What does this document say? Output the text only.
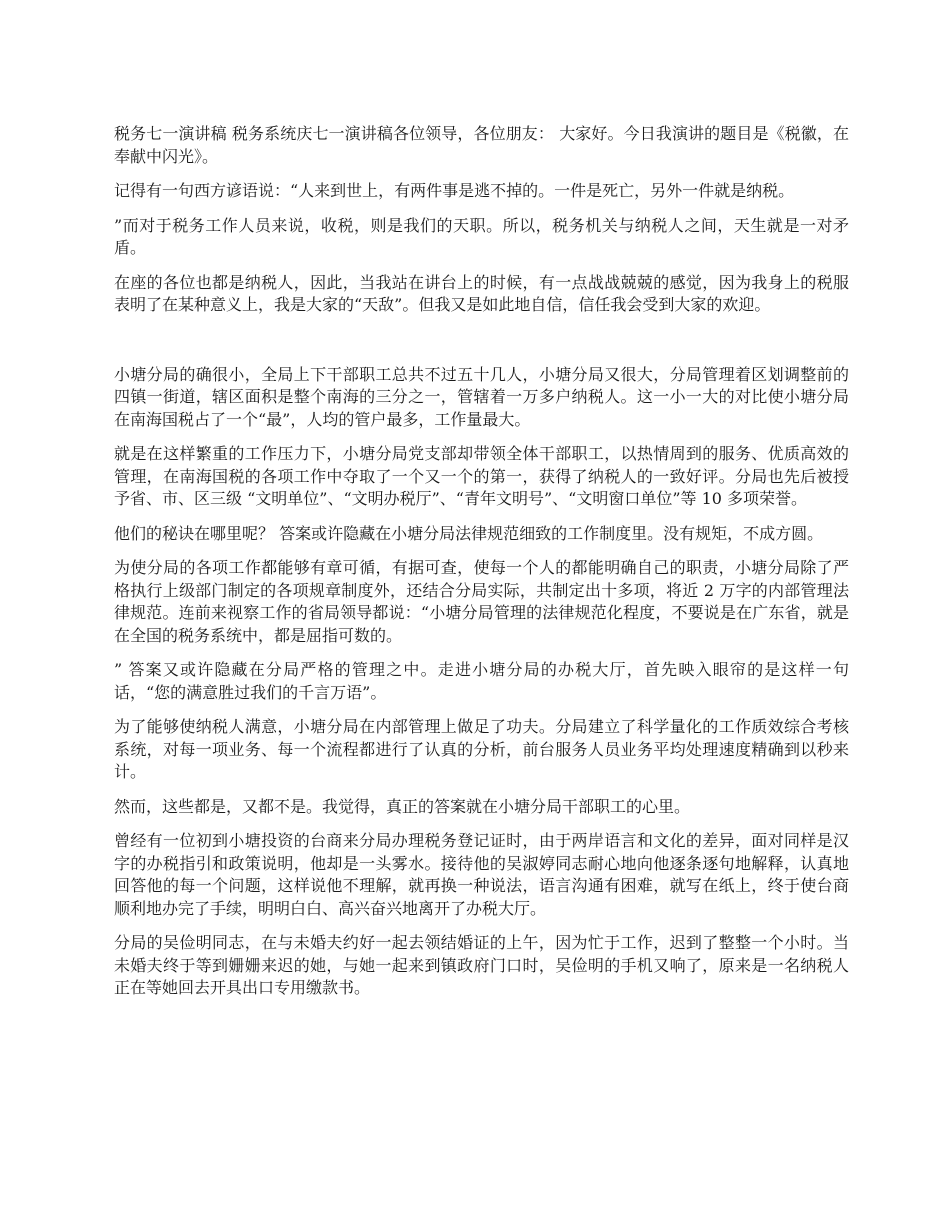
税务七一演讲稿 税务系统庆七一演讲稿各位领导，各位朋友： 大家好。今日我演讲的题目是《税徽，在奉献中闪光》。

记得有一句西方谚语说：“人来到世上，有两件事是逃不掉的。一件是死亡，另外一件就是纳税。

”而对于税务工作人员来说，收税，则是我们的天职。所以，税务机关与纳税人之间，天生就是一对矛盾。

在座的各位也都是纳税人，因此，当我站在讲台上的时候，有一点战战兢兢的感觉，因为我身上的税服表明了在某种意义上，我是大家的“天敌”。但我又是如此地自信，信任我会受到大家的欢迎。

小塘分局的确很小，全局上下干部职工总共不过五十几人，小塘分局又很大，分局管理着区划调整前的四镇一街道，辖区面积是整个南海的三分之一，管辖着一万多户纳税人。这一小一大的对比使小塘分局在南海国税占了一个“最”，人均的管户最多，工作量最大。

就是在这样繁重的工作压力下，小塘分局党支部却带领全体干部职工，以热情周到的服务、优质高效的管理，在南海国税的各项工作中夺取了一个又一个的第一，获得了纳税人的一致好评。分局也先后被授予省、市、区三级 “文明单位”、“文明办税厅”、“青年文明号”、“文明窗口单位”等 10 多项荣誉。

他们的秘诀在哪里呢？ 答案或许隐藏在小塘分局法律规范细致的工作制度里。没有规矩，不成方圆。

为使分局的各项工作都能够有章可循，有据可查，使每一个人的都能明确自己的职责，小塘分局除了严格执行上级部门制定的各项规章制度外，还结合分局实际，共制定出十多项，将近 2 万字的内部管理法律规范。连前来视察工作的省局领导都说：“小塘分局管理的法律规范化程度，不要说是在广东省，就是在全国的税务系统中，都是屈指可数的。

” 答案又或许隐藏在分局严格的管理之中。走进小塘分局的办税大厅，首先映入眼帘的是这样一句话，“您的满意胜过我们的千言万语”。

为了能够使纳税人满意，小塘分局在内部管理上做足了功夫。分局建立了科学量化的工作质效综合考核系统，对每一项业务、每一个流程都进行了认真的分析，前台服务人员业务平均处理速度精确到以秒来计。

然而，这些都是，又都不是。我觉得，真正的答案就在小塘分局干部职工的心里。

曾经有一位初到小塘投资的台商来分局办理税务登记证时，由于两岸语言和文化的差异，面对同样是汉字的办税指引和政策说明，他却是一头雾水。接待他的吴淑婷同志耐心地向他逐条逐句地解释，认真地回答他的每一个问题，这样说他不理解，就再换一种说法，语言沟通有困难，就写在纸上，终于使台商顺利地办完了手续，明明白白、高兴奋兴地离开了办税大厅。

分局的吴俭明同志，在与未婚夫约好一起去领结婚证的上午，因为忙于工作，迟到了整整一个小时。当未婚夫终于等到姗姗来迟的她，与她一起来到镇政府门口时，吴俭明的手机又响了，原来是一名纳税人正在等她回去开具出口专用缴款书。
